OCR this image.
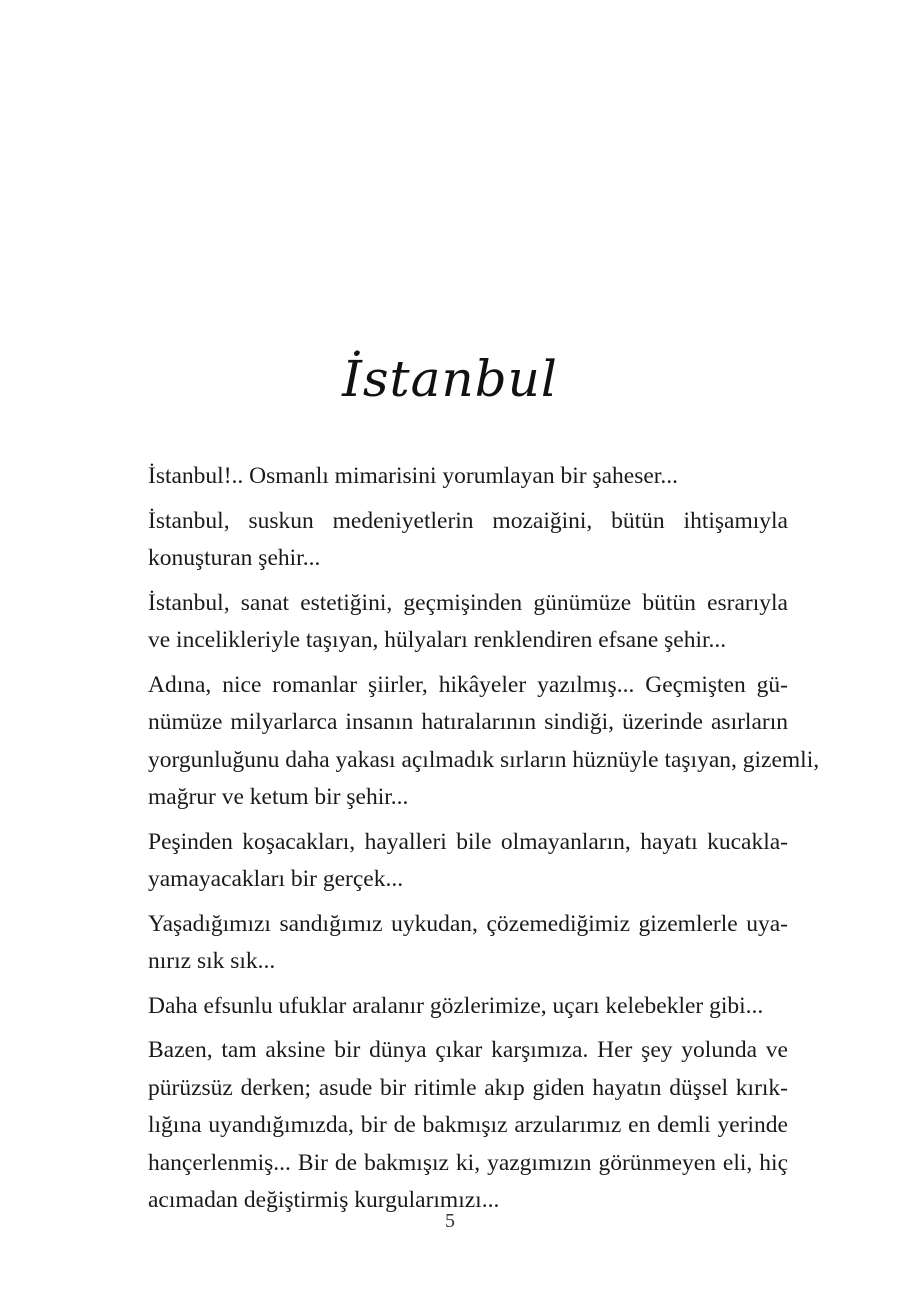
İstanbul

İstanbul!.. Osmanlı mimarisini yorumlayan bir şaheser...

İstanbul, suskun medeniyetlerin mozaiğini, bütün ihtişamıyla
konuşturan şehir...

İstanbul, sanat estetiğini, geçmişinden günümüze bütün esrarıyla
ve incelikleriyle taşıyan, hülyaları renklendiren efsane şehir...

Adına, nice romanlar şiirler, hikâyeler yazılmış... Geçmişten gü-
nümüze milyarlarca insanın hatıralarının sindiği, üzerinde asırların
yorgunluğunu daha yakası açılmadık sırların hüznüyle taşıyan, gizemli,
mağrur ve ketum bir şehir...

Peşinden koşacakları, hayalleri bile olmayanların, hayatı kucakla-
yamayacakları bir gerçek...

Yaşadığımızı sandığımız uykudan, çözemediğimiz gizemlerle uya-
nırız sık sık...

Daha efsunlu ufuklar aralanır gözlerimize, uçarı kelebekler gibi...

Bazen, tam aksine bir dünya çıkar karşımıza. Her şey yolunda ve
pürüzsüz derken; asude bir ritimle akıp giden hayatın düşsel kırık-
lığına uyandığımızda, bir de bakmışız arzularımız en demli yerinde
hançerlenmiş... Bir de bakmışız ki, yazgımızın görünmeyen eli, hiç
acımadan değiştirmiş kurgularımızı...

5
